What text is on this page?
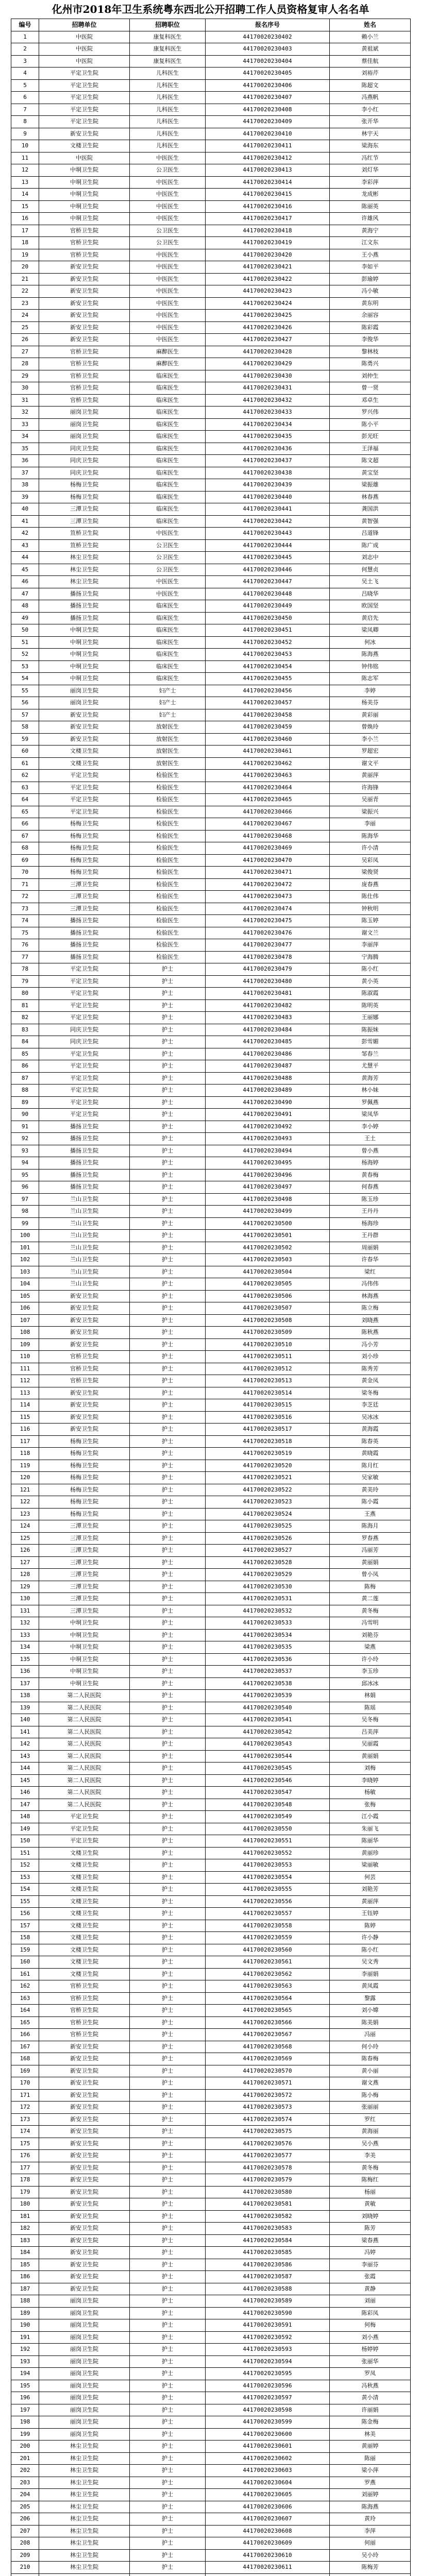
化州市2018年卫生系统粤东西北公开招聘工作人员资格复审人名名单
编号	招聘单位	招聘职位	报名序号	姓名
1	中医院	康复科医生	44170020230402	赖小兰
2	中医院	康复科医生	44170020230403	黄祖斌
3	中医院	康复科医生	44170020230404	蔡佳航
4	平定卫生院	儿科医生	44170020230405	刘裕芹
5	平定卫生院	儿科医生	44170020230406	陈超文
6	平定卫生院	儿科医生	44170020230407	冯燕帆
7	平定卫生院	儿科医生	44170020230408	李小红
8	平定卫生院	儿科医生	44170020230409	张开华
9	新安卫生院	儿科医生	44170020230410	林宇天
10	文楼卫生院	儿科医生	44170020230411	梁海东
11	中医院	中医医生	44170020230412	冯红节
12	中垌卫生院	公卫医生	44170020230413	刘灯华
13	中垌卫生院	中医医生	44170020230414	李彩萍
14	中垌卫生院	中医医生	44170020230415	龙成彬
15	中垌卫生院	中医医生	44170020230416	陈丽英
16	中垌卫生院	中医医生	44170020230417	许雄风
17	官桥卫生院	公卫医生	44170020230418	黄海宁
18	官桥卫生院	公卫医生	44170020230419	江文东
19	官桥卫生院	中医医生	44170020230420	王小燕
20	新安卫生院	中医医生	44170020230421	李如平
21	新安卫生院	中医医生	44170020230422	彭瑜婷
22	新安卫生院	中医医生	44170020230423	冯小敏
23	新安卫生院	中医医生	44170020230424	黄东明
24	新安卫生院	中医医生	44170020230425	余丽容
25	新安卫生院	中医医生	44170020230426	陈彩霞
26	新安卫生院	中医医生	44170020230427	李俊华
27	官桥卫生院	麻醉医生	44170020230428	黎林枝
28	官桥卫生院	麻醉医生	44170020230429	陈勇兴
29	官桥卫生院	临床医生	44170020230430	刘仲生
30	官桥卫生院	临床医生	44170020230431	曾一贤
31	官桥卫生院	临床医生	44170020230432	邓卓生
32	丽岗卫生院	临床医生	44170020230433	罗兴伟
33	丽岗卫生院	临床医生	44170020230434	陈小平
34	丽岗卫生院	临床医生	44170020230435	彭光旺
35	同庆卫生院	临床医生	44170020230436	王泽福
36	同庆卫生院	临床医生	44170020230437	陈文超
37	同庆卫生院	临床医生	44170020230438	黄宝坚
38	杨梅卫生院	临床医生	44170020230439	梁振雄
39	杨梅卫生院	临床医生	44170020230440	林春燕
40	三潭卫生院	临床医生	44170020230441	龚国洪
41	三潭卫生院	临床医生	44170020230442	黄智强
42	笪桥卫生院	中医医生	44170020230443	吕道锋
43	笪桥卫生院	公卫医生	44170020230444	陈广成
44	林尘卫生院	公卫医生	44170020230445	刘志中
45	林尘卫生院	公卫医生	44170020230446	何慧贞
46	林尘卫生院	中医医生	44170020230447	吴土飞
47	播扬卫生院	中医医生	44170020230448	吕晓华
48	播扬卫生院	临床医生	44170020230449	欧国坚
49	播扬卫生院	临床医生	44170020230450	黄启先
50	中垌卫生院	临床医生	44170020230451	梁凤卿
51	中垌卫生院	临床医生	44170020230452	何冰
52	中垌卫生院	临床医生	44170020230453	陈海燕
53	中垌卫生院	临床医生	44170020230454	钟伟铭
54	中垌卫生院	临床医生	44170020230455	陈志军
55	丽岗卫生院	妇产士	44170020230456	李婷
56	丽岗卫生院	妇产士	44170020230457	杨美芬
57	新安卫生院	妇产士	44170020230458	黄彩丽
58	新安卫生院	放射医生	44170020230459	曾焕玲
59	新安卫生院	放射医生	44170020230460	李小兰
60	文楼卫生院	放射医生	44170020230461	罗超宏
61	文楼卫生院	放射医生	44170020230462	谢文平
62	平定卫生院	检验医生	44170020230463	黄丽萍
63	平定卫生院	检验医生	44170020230464	许海锋
64	平定卫生院	检验医生	44170020230465	吴丽青
65	平定卫生院	检验医生	44170020230466	梁振兴
66	杨梅卫生院	检验医生	44170020230467	李丽
67	杨梅卫生院	检验医生	44170020230468	陈海华
68	杨梅卫生院	检验医生	44170020230469	许小清
69	杨梅卫生院	检验医生	44170020230470	吴彩凤
70	杨梅卫生院	检验医生	44170020230471	梁俊贤
71	三潭卫生院	检验医生	44170020230472	庞春燕
72	三潭卫生院	检验医生	44170020230473	陈仕伟
73	三潭卫生院	检验医生	44170020230474	钟秋明
74	播扬卫生院	检验医生	44170020230475	陈玉婷
75	播扬卫生院	检验医生	44170020230476	谢文兰
76	播扬卫生院	检验医生	44170020230477	李丽萍
77	播扬卫生院	检验医生	44170020230478	宁海腾
78	平定卫生院	护士	44170020230479	陈小红
79	平定卫生院	护士	44170020230480	黄小英
80	平定卫生院	护士	44170020230481	陈淑霞
81	平定卫生院	护士	44170020230482	陈明英
82	平定卫生院	护士	44170020230483	王丽娜
83	同庆卫生院	护士	44170020230484	陈振妹
84	同庆卫生院	护士	44170020230485	彭雪媚
85	平定卫生院	护士	44170020230486	邹春兰
86	平定卫生院	护士	44170020230487	尤慧平
87	平定卫生院	护士	44170020230488	黄海芳
88	平定卫生院	护士	44170020230489	林小妹
89	平定卫生院	护士	44170020230490	罗佩燕
90	平定卫生院	护士	44170020230491	梁凤华
91	播扬卫生院	护士	44170020230492	李小婷
92	播扬卫生院	护士	44170020230493	王土
93	播扬卫生院	护士	44170020230494	曾小燕
94	播扬卫生院	护士	44170020230495	杨海婷
95	播扬卫生院	护士	44170020230496	黄春梅
96	播扬卫生院	护士	44170020230497	何春燕
97	兰山卫生院	护士	44170020230498	陈玉珍
98	兰山卫生院	护士	44170020230499	王丹丹
99	兰山卫生院	护士	44170020230500	杨海珍
100	兰山卫生院	护士	44170020230501	王丹群
101	兰山卫生院	护士	44170020230502	周丽娟
102	兰山卫生院	护士	44170020230503	许春华
103	兰山卫生院	护士	44170020230504	梁红
104	兰山卫生院	护士	44170020230505	冯伟伟
105	新安卫生院	护士	44170020230506	林海燕
106	新安卫生院	护士	44170020230507	陈立梅
107	新安卫生院	护士	44170020230508	刘晓燕
108	新安卫生院	护士	44170020230509	陈秋燕
109	新安卫生院	护士	44170020230510	冯小芳
110	官桥卫生院	护士	44170020230511	刘小珍
111	官桥卫生院	护士	44170020230512	陈秀芳
112	官桥卫生院	护士	44170020230513	黄金凤
113	新安卫生院	护士	44170020230514	梁冬梅
114	新安卫生院	护士	44170020230515	李芝廷
115	新安卫生院	护士	44170020230516	吴冰冰
116	新安卫生院	护士	44170020230517	黄海霞
117	杨梅卫生院	护士	44170020230518	陈春英
118	杨梅卫生院	护士	44170020230519	黄晓霞
119	杨梅卫生院	护士	44170020230520	陈月红
120	杨梅卫生院	护士	44170020230521	吴家敏
121	杨梅卫生院	护士	44170020230522	黄美玲
122	杨梅卫生院	护士	44170020230523	陈小霞
123	杨梅卫生院	护士	44170020230524	王燕
124	三潭卫生院	护士	44170020230525	陈海月
125	三潭卫生院	护士	44170020230526	罗春燕
126	三潭卫生院	护士	44170020230527	冯丽芳
127	三潭卫生院	护士	44170020230528	黄丽娟
128	三潭卫生院	护士	44170020230529	曾小凤
129	三潭卫生院	护士	44170020230530	陈梅
130	三潭卫生院	护士	44170020230531	黄二莲
131	三潭卫生院	护士	44170020230532	黄冬梅
132	中垌卫生院	护士	44170020230533	冯雪明
133	中垌卫生院	护士	44170020230534	刘艳芬
134	中垌卫生院	护士	44170020230535	梁燕
135	中垌卫生院	护士	44170020230536	许小玲
136	中垌卫生院	护士	44170020230537	李玉珍
137	中垌卫生院	护士	44170020230538	邱冰冰
138	第二人民医院	护士	44170020230539	林娟
139	第二人民医院	护士	44170020230540	陈瑶
140	第二人民医院	护士	44170020230541	吴冬梅
141	第二人民医院	护士	44170020230542	吕美萍
142	第二人民医院	护士	44170020230543	吴丽霞
143	第二人民医院	护士	44170020230544	黄丽娟
144	第二人民医院	护士	44170020230545	刘梅
145	第二人民医院	护士	44170020230546	李晓婷
146	第二人民医院	护士	44170020230547	杨敏
147	第二人民医院	护士	44170020230548	张梅
148	平定卫生院	护士	44170020230549	江小霞
149	平定卫生院	护士	44170020230550	朱丽飞
150	平定卫生院	护士	44170020230551	陈丽华
151	文楼卫生院	护士	44170020230552	黄丽珍
152	文楼卫生院	护士	44170020230553	梁丽敏
153	文楼卫生院	护士	44170020230554	何芸
154	文楼卫生院	护士	44170020230555	刘艳芳
155	文楼卫生院	护士	44170020230556	黄丽萍
156	文楼卫生院	护士	44170020230557	王钰婷
157	文楼卫生院	护士	44170020230558	陈婷
158	文楼卫生院	护士	44170020230559	许小静
159	文楼卫生院	护士	44170020230560	陈小红
160	文楼卫生院	护士	44170020230561	吴文秀
161	文楼卫生院	护士	44170020230562	李丽娟
162	官桥卫生院	护士	44170020230563	黄凤霞
163	官桥卫生院	护士	44170020230564	黎露
164	官桥卫生院	护士	44170020230565	刘小嫦
165	官桥卫生院	护士	44170020230566	陈美娟
166	官桥卫生院	护士	44170020230567	冯丽
167	新安卫生院	护士	44170020230568	何小玲
168	新安卫生院	护士	44170020230569	陈春梅
169	新安卫生院	护士	44170020230570	黄小丽
170	新安卫生院	护士	44170020230571	谢文燕
171	新安卫生院	护士	44170020230572	陈小梅
172	新安卫生院	护士	44170020230573	张丽丽
173	新安卫生院	护士	44170020230574	罗红
174	新安卫生院	护士	44170020230575	黄海丽
175	新安卫生院	护士	44170020230576	吴小燕
176	新安卫生院	护士	44170020230577	李美
177	新安卫生院	护士	44170020230578	黄冬梅
178	新安卫生院	护士	44170020230579	陈梅红
179	新安卫生院	护士	44170020230580	杨丽
180	新安卫生院	护士	44170020230581	黄敏
181	新安卫生院	护士	44170020230582	刘晓婷
182	新安卫生院	护士	44170020230583	陈芳
183	新安卫生院	护士	44170020230584	梁春燕
184	新安卫生院	护士	44170020230585	冯婷
185	新安卫生院	护士	44170020230586	李丽芬
186	新安卫生院	护士	44170020230587	张霞
187	新安卫生院	护士	44170020230588	黄静
188	丽岗卫生院	护士	44170020230589	刘丽
189	丽岗卫生院	护士	44170020230590	陈彩凤
190	丽岗卫生院	护士	44170020230591	何梅
191	丽岗卫生院	护士	44170020230592	刘小燕
192	丽岗卫生院	护士	44170020230593	杨婷婷
193	丽岗卫生院	护士	44170020230594	张丽华
194	丽岗卫生院	护士	44170020230595	罗凤
195	丽岗卫生院	护士	44170020230596	冯秋燕
196	丽岗卫生院	护士	44170020230597	黄小清
197	丽岗卫生院	护士	44170020230598	许丽娟
198	丽岗卫生院	护士	44170020230599	陈金梅
199	丽岗卫生院	护士	44170020230600	林美
200	林尘卫生院	护士	44170020230601	黄丽婷
201	林尘卫生院	护士	44170020230602	陈丽
202	林尘卫生院	护士	44170020230603	梁小萍
203	林尘卫生院	护士	44170020230604	罗燕
204	林尘卫生院	护士	44170020230605	刘丽婷
205	林尘卫生院	护士	44170020230606	陈海燕
206	林尘卫生院	护士	44170020230607	黄玲
207	林尘卫生院	护士	44170020230608	李萍
208	林尘卫生院	护士	44170020230609	何丽
209	林尘卫生院	护士	44170020230610	吴小玲
210	林尘卫生院	护士	44170020230611	陈梅芳
